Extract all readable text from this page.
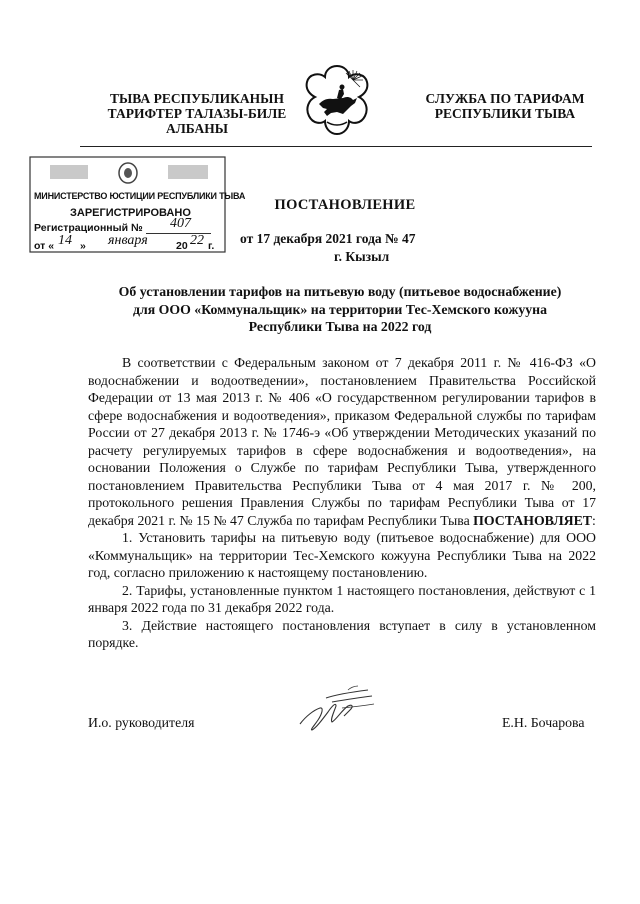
ТЫВА РЕСПУБЛИКАНЫН
ТАРИФТЕР ТАЛАЗЫ-БИЛЕ
АЛБАНЫ
СЛУЖБА ПО ТАРИФАМ
РЕСПУБЛИКИ ТЫВА
МИНИСТЕРСТВО ЮСТИЦИИ РЕСПУБЛИКИ ТЫВА
ЗАРЕГИСТРИРОВАНО
Регистрационный № 407
от « 14 » января	20 22 г.
ПОСТАНОВЛЕНИЕ
от 17 декабря 2021 года № 47
г. Кызыл
Об установлении тарифов на питьевую воду (питьевое водоснабжение)
для ООО «Коммунальщик» на территории Тес-Хемского кожууна
Республики Тыва на 2022 год

В соответствии с Федеральным законом от 7 декабря 2011 г. № 416-ФЗ «О водоснабжении и водоотведении», постановлением Правительства Российской Федерации от 13 мая 2013 г. № 406 «О государственном регулировании тарифов в сфере водоснабжения и водоотведения», приказом Федеральной службы по тарифам России от 27 декабря 2013 г. № 1746-э «Об утверждении Методических указаний по расчету регулируемых тарифов в сфере водоснабжения и водоотведения», на основании Положения о Службе по тарифам Республики Тыва, утвержденного постановлением Правительства Республики Тыва от 4 мая 2017 г. № 200, протокольного решения Правления Службы по тарифам Республики Тыва от 17 декабря 2021 г. № 15 № 47 Служба по тарифам Республики Тыва ПОСТАНОВЛЯЕТ:

1. Установить тарифы на питьевую воду (питьевое водоснабжение) для ООО «Коммунальщик» на территории Тес-Хемского кожууна Республики Тыва на 2022 год, согласно приложению к настоящему постановлению.

2. Тарифы, установленные пунктом 1 настоящего постановления, действуют с 1 января 2022 года по 31 декабря 2022 года.

3. Действие настоящего постановления вступает в силу в установленном порядке.

И.о. руководителя	Е.Н. Бочарова
